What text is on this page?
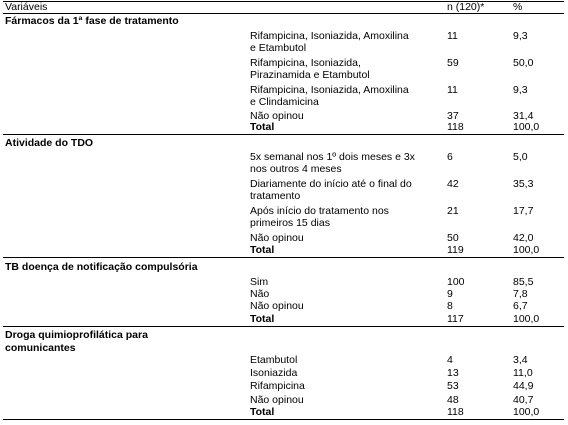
Variáveis	n (120)*	%
Fármacos da 1ª fase de tratamento
Rifampicina, Isoniazida, Amoxilina
e Etambutol
11	9,3
Rifampicina, Isoniazida,
Pirazinamida e Etambutol
59	50,0
Rifampicina, Isoniazida, Amoxilina
e Clindamicina
11	9,3
Não opinou	37	31,4
Total	118	100,0
Atividade do TDO
5x semanal nos 1º dois meses e 3x
nos outros 4 meses
6	5,0
Diariamente do início até o final do
tratamento
42	35,3
Após início do tratamento nos
primeiros 15 dias
21	17,7
Não opinou	50	42,0
Total	119	100,0
TB doença de notificação compulsória
Sim	100	85,5
Não	9	7,8
Não opinou	8	6,7
Total	117	100,0
Droga quimioprofilática para
comunicantes
Etambutol	4	3,4
Isoniazida	13	11,0
Rifampicina	53	44,9
Não opinou	48	40,7
Total	118	100,0
